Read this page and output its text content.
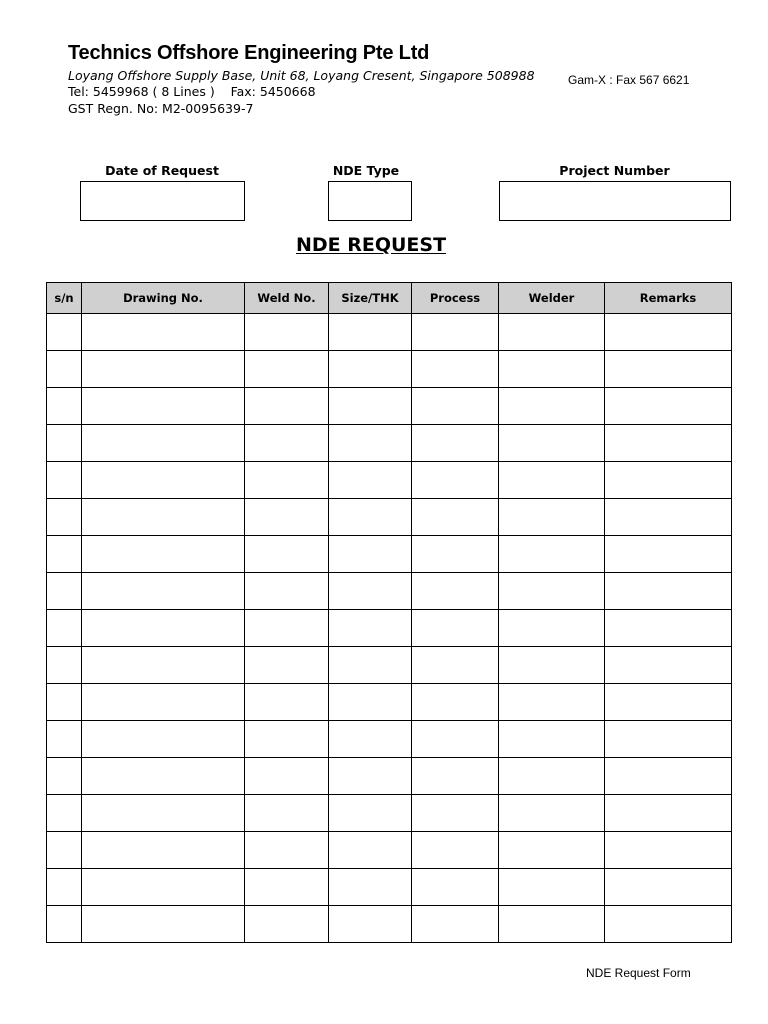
Technics Offshore Engineering Pte Ltd
Loyang Offshore Supply Base, Unit 68, Loyang Cresent, Singapore 508988
Tel: 5459968 ( 8 Lines )    Fax: 5450668
GST Regn. No: M2-0095639-7
Gam-X : Fax 567 6621
Date of Request	NDE Type	Project Number
NDE REQUEST
s/n	Drawing No.	Weld No.	Size/THK	Process	Welder	Remarks

NDE Request Form
